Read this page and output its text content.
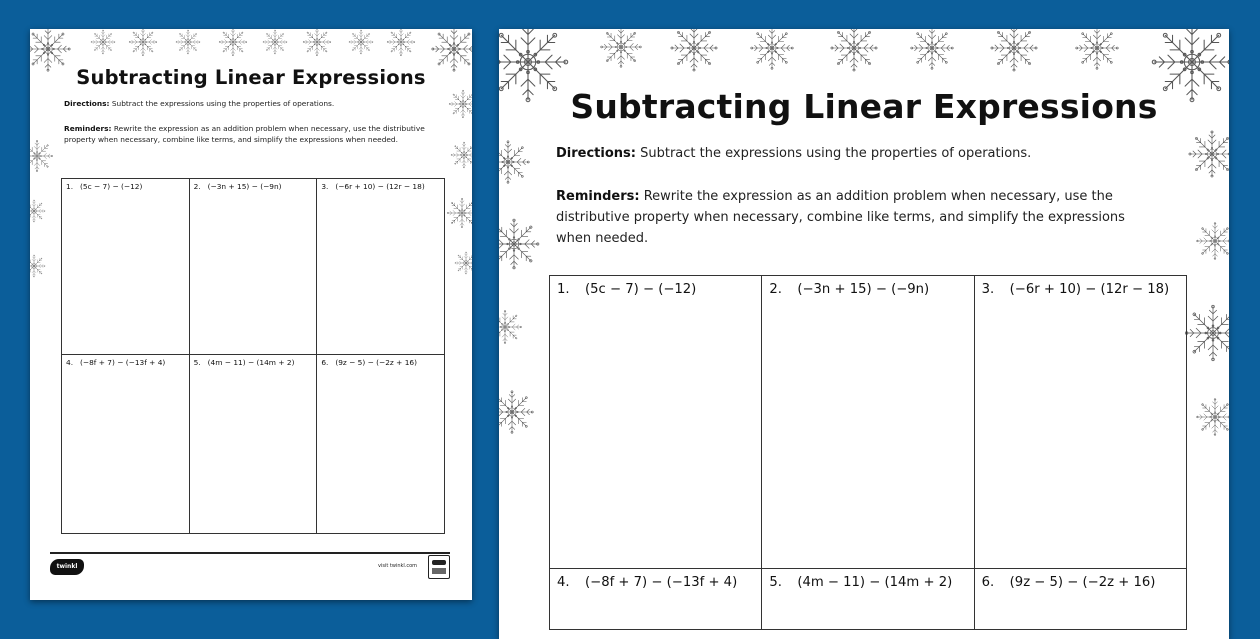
Subtracting Linear Expressions

Directions: Subtract the expressions using the properties of operations.

Reminders: Rewrite the expression as an addition problem when necessary, use the distributive property when necessary, combine like terms, and simplify the expressions when needed.

1. (5c − 7) − (−12)	2. (−3n + 15) − (−9n)	3. (−6r + 10) − (12r − 18)

4. (−8f + 7) − (−13f + 4)	5. (4m − 11) − (14m + 2)	6. (9z − 5) − (−2z + 16)
twinkl	visit twinkl.com
Subtracting Linear Expressions

Directions: Subtract the expressions using the properties of operations.

Reminders: Rewrite the expression as an addition problem when necessary, use the distributive property when necessary, combine like terms, and simplify the expressions when needed.

1. (5c − 7) − (−12)	2. (−3n + 15) − (−9n)	3. (−6r + 10) − (12r − 18)

4. (−8f + 7) − (−13f + 4)	5. (4m − 11) − (14m + 2)	6. (9z − 5) − (−2z + 16)
